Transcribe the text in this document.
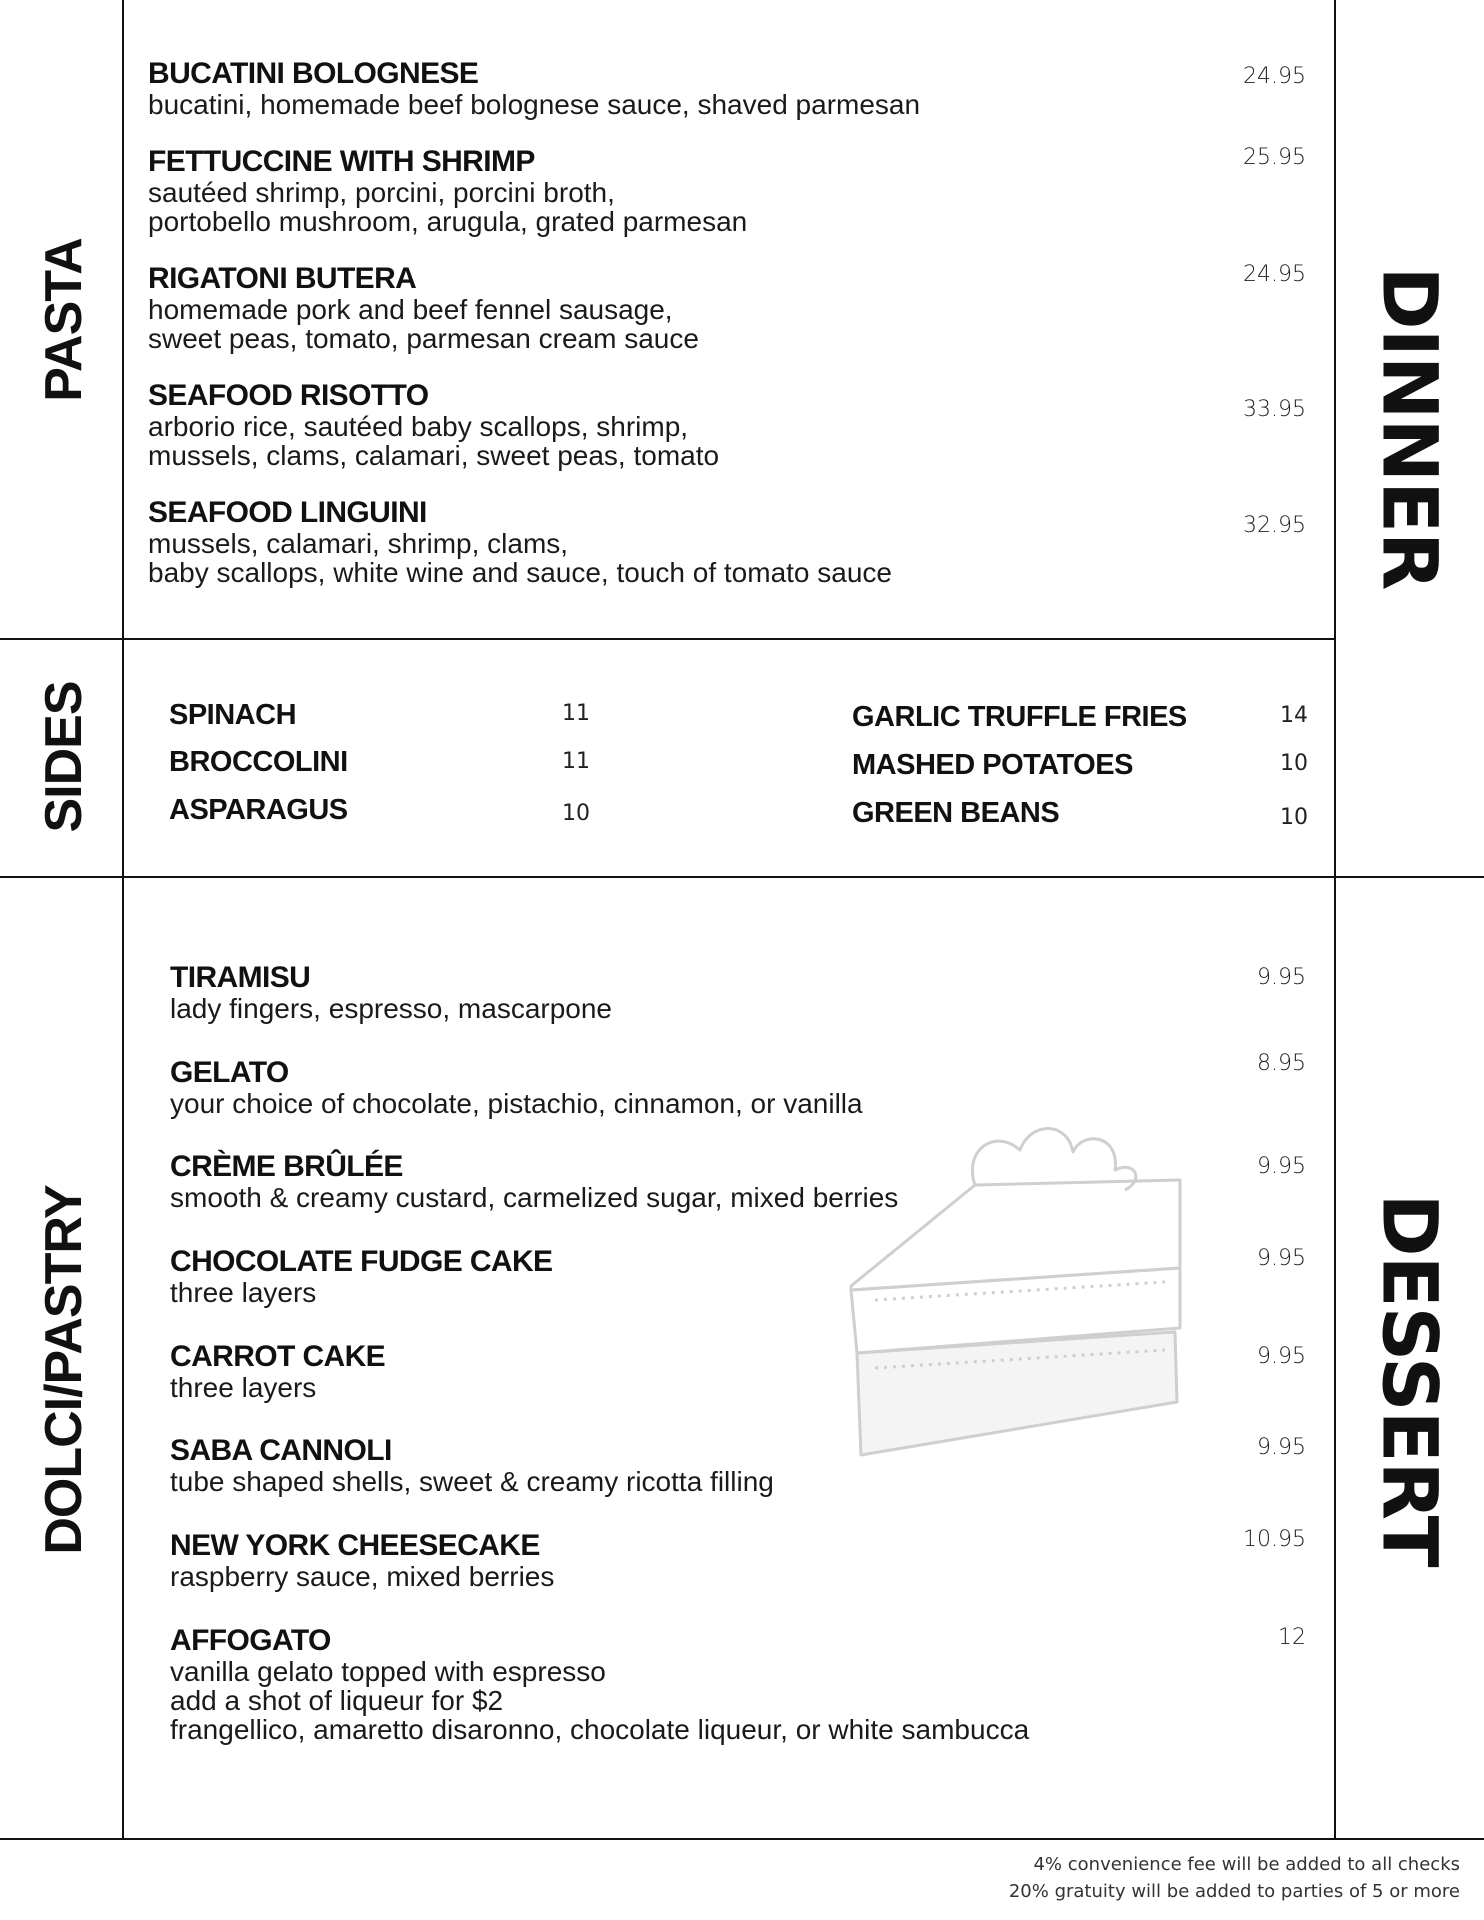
PASTA
SIDES
DOLCI/PASTRY
DINNER
DESSERT
BUCATINI BOLOGNESE
bucatini, homemade beef bolognese sauce, shaved parmesan
24.95
FETTUCCINE WITH SHRIMP
sautéed shrimp, porcini, porcini broth,
portobello mushroom, arugula, grated parmesan
25.95
RIGATONI BUTERA
homemade pork and beef fennel sausage,
sweet peas, tomato, parmesan cream sauce
24.95
SEAFOOD RISOTTO
arborio rice, sautéed baby scallops, shrimp,
mussels, clams, calamari, sweet peas, tomato
33.95
SEAFOOD LINGUINI
mussels, calamari, shrimp, clams,
baby scallops, white wine and sauce, touch of tomato sauce
32.95
SPINACH	11
BROCCOLINI	11
ASPARAGUS	10
GARLIC TRUFFLE FRIES	14
MASHED POTATOES	10
GREEN BEANS	10
TIRAMISU
lady fingers, espresso, mascarpone
9.95
GELATO
your choice of chocolate, pistachio, cinnamon, or vanilla
8.95
CRÈME BRÛLÉE
smooth & creamy custard, carmelized sugar, mixed berries
9.95
CHOCOLATE FUDGE CAKE
three layers
9.95
CARROT CAKE
three layers
9.95
SABA CANNOLI
tube shaped shells, sweet & creamy ricotta filling
9.95
NEW YORK CHEESECAKE
raspberry sauce, mixed berries
10.95
AFFOGATO
vanilla gelato topped with espresso
add a shot of liqueur for $2
frangellico, amaretto disaronno, chocolate liqueur, or white sambucca
12
4% convenience fee will be added to all checks
20% gratuity will be added to parties of 5 or more
